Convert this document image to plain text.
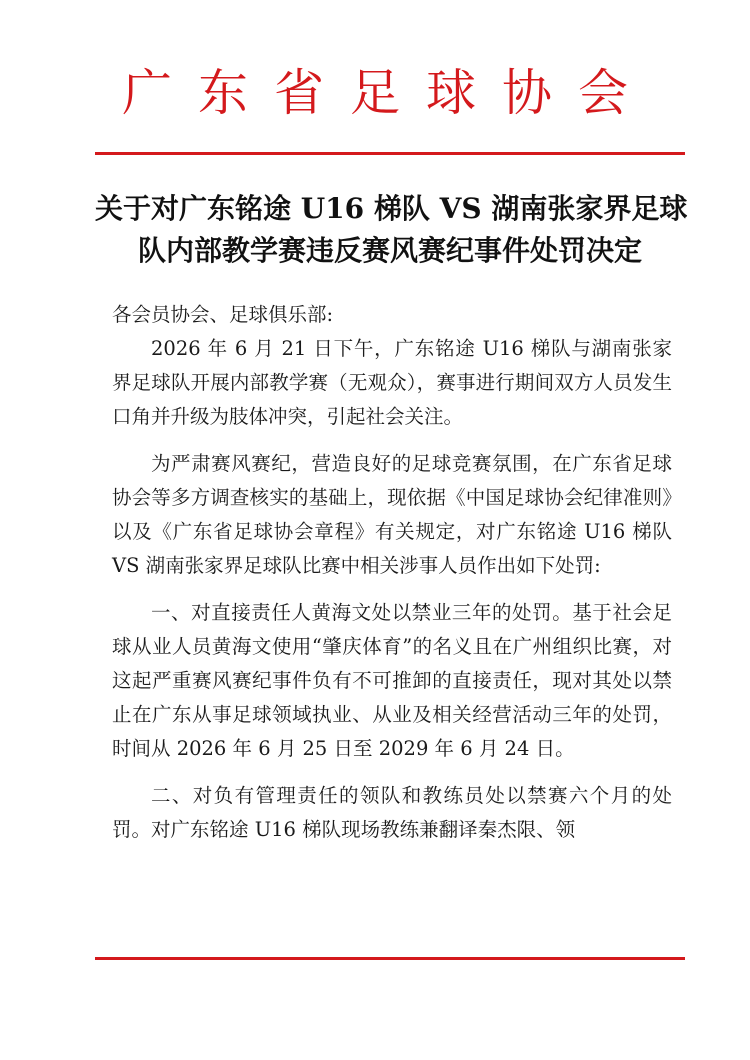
广东省足球协会
关于对广东铭途 U16 梯队 VS 湖南张家界足球
队内部教学赛违反赛风赛纪事件处罚决定

各会员协会、足球俱乐部:

2026 年 6 月 21 日下午，广东铭途 U16 梯队与湖南张家界足球队开展内部教学赛（无观众），赛事进行期间双方人员发生口角并升级为肢体冲突，引起社会关注。

为严肃赛风赛纪，营造良好的足球竞赛氛围，在广东省足球协会等多方调查核实的基础上，现依据《中国足球协会纪律准则》以及《广东省足球协会章程》有关规定，对广东铭途 U16 梯队 VS 湖南张家界足球队比赛中相关涉事人员作出如下处罚:

一、对直接责任人黄海文处以禁业三年的处罚。基于社会足球从业人员黄海文使用“肇庆体育”的名义且在广州组织比赛，对这起严重赛风赛纪事件负有不可推卸的直接责任，现对其处以禁止在广东从事足球领域执业、从业及相关经营活动三年的处罚，时间从 2026 年 6 月 25 日至 2029 年 6 月 24 日。

二、对负有管理责任的领队和教练员处以禁赛六个月的处罚。对广东铭途 U16 梯队现场教练兼翻译秦杰限、领
